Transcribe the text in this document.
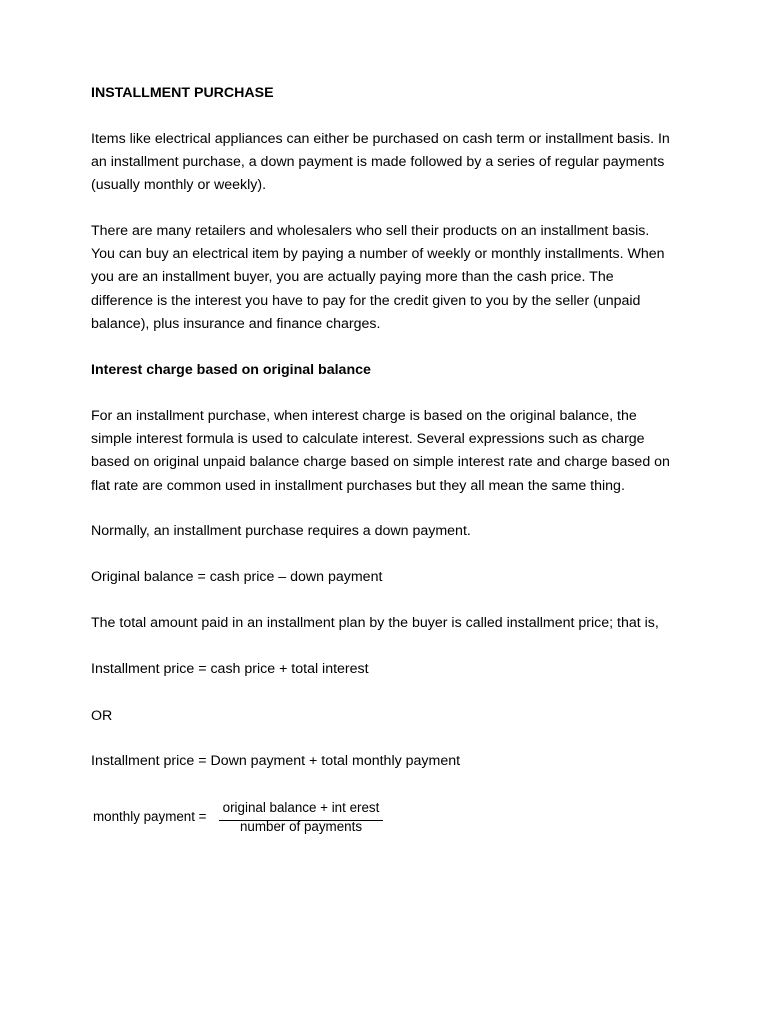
INSTALLMENT PURCHASE
Items like electrical appliances can either be purchased on cash term or installment basis. In
an installment purchase, a down payment is made followed by a series of regular payments
(usually monthly or weekly).
There are many retailers and wholesalers who sell their products on an installment basis.
You can buy an electrical item by paying a number of weekly or monthly installments. When
you are an installment buyer, you are actually paying more than the cash price. The
difference is the interest you have to pay for the credit given to you by the seller (unpaid
balance), plus insurance and finance charges.
Interest charge based on original balance
For an installment purchase, when interest charge is based on the original balance, the
simple interest formula is used to calculate interest. Several expressions such as charge
based on original unpaid balance charge based on simple interest rate and charge based on
flat rate are common used in installment purchases but they all mean the same thing.
Normally, an installment purchase requires a down payment.
Original balance = cash price – down payment
The total amount paid in an installment plan by the buyer is called installment price; that is,
Installment price = cash price + total interest
OR
Installment price = Down payment + total monthly payment
monthly payment =
original balance + int erest
number of payments
